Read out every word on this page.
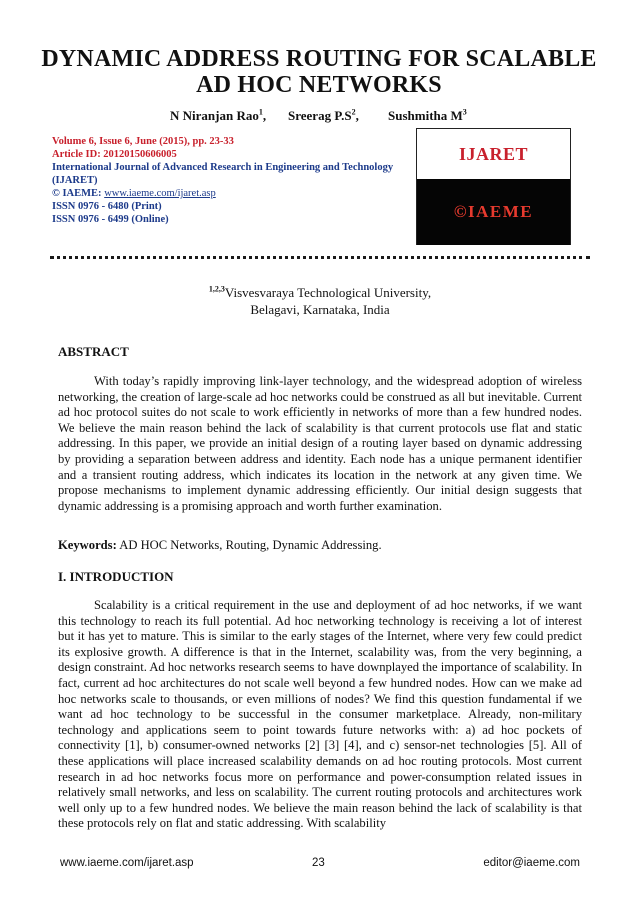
DYNAMIC ADDRESS ROUTING FOR SCALABLE AD HOC NETWORKS
N Niranjan Rao$^1$, Sreerag $P.S^2$, Sushmitha $M^3$
Volume 6, Issue 6, June (2015), pp. 23-33
Article ID: 20120150606005
International Journal of Advanced Research in Engineering and Technology (IJARET)
© IAEME: www.iaeme.com/ijaret.asp
ISSN 0976 - 6480 (Print)
ISSN 0976 - 6499 (Online)
IJARET
©IAEME
$^{1,2,3}$Visvesvaraya Technological University,
Belagavi, Karnataka, India
ABSTRACT
With today’s rapidly improving link-layer technology, and the widespread adoption of wireless networking, the creation of large-scale ad hoc networks could be construed as all but inevitable. Current ad hoc protocol suites do not scale to work efficiently in networks of more than a few hundred nodes. We believe the main reason behind the lack of scalability is that current protocols use flat and static addressing. In this paper, we provide an initial design of a routing layer based on dynamic addressing by providing a separation between address and identity. Each node has a unique permanent identifier and a transient routing address, which indicates its location in the network at any given time. We propose mechanisms to implement dynamic addressing efficiently. Our initial design suggests that dynamic addressing is a promising approach and worth further examination.
Keywords: AD HOC Networks, Routing, Dynamic Addressing.
I. INTRODUCTION
Scalability is a critical requirement in the use and deployment of ad hoc networks, if we want this technology to reach its full potential. Ad hoc networking technology is receiving a lot of interest but it has yet to mature. This is similar to the early stages of the Internet, where very few could predict its explosive growth. A difference is that in the Internet, scalability was, from the very beginning, a design constraint. Ad hoc networks research seems to have downplayed the importance of scalability. In fact, current ad hoc architectures do not scale well beyond a few hundred nodes. How can we make ad hoc networks scale to thousands, or even millions of nodes? We find this question fundamental if we want ad hoc technology to be successful in the consumer marketplace. Already, non-military technology and applications seem to point towards future networks with: a) ad hoc pockets of connectivity [1], b) consumer-owned networks [2] [3] [4], and c) sensor-net technologies [5]. All of these applications will place increased scalability demands on ad hoc routing protocols. Most current research in ad hoc networks focus more on performance and power-consumption related issues in relatively small networks, and less on scalability. The current routing protocols and architectures work well only up to a few hundred nodes. We believe the main reason behind the lack of scalability is that these protocols rely on flat and static addressing. With scalability
www.iaeme.com/ijaret.asp	23	editor@iaeme.com
